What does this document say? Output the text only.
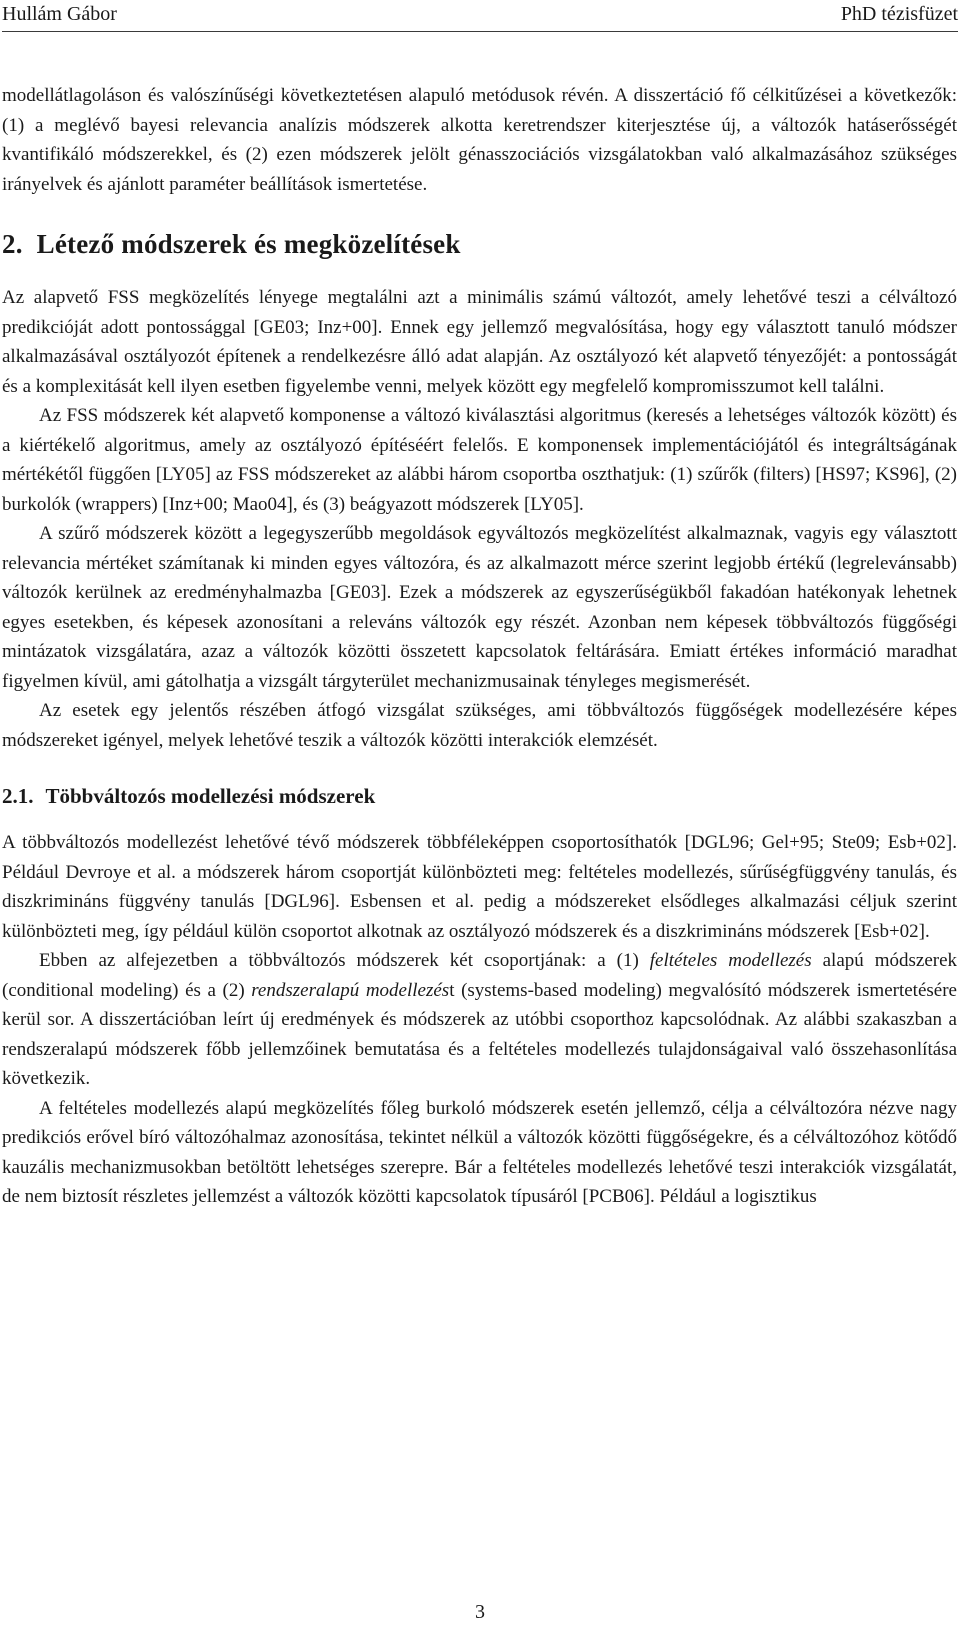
Hullám Gábor	PhD tézisfüzet

modellátlagoláson és valószínűségi következtetésen alapuló metódusok révén. A disszertáció fő célkitűzései a következők: (1) a meglévő bayesi relevancia analízis módszerek alkotta keretrendszer kiterjesztése új, a változók hatáserősségét kvantifikáló módszerekkel, és (2) ezen módszerek jelölt génasszociációs vizsgálatokban való alkalmazásához szükséges irányelvek és ajánlott paraméter beállítások ismertetése.

2. Létező módszerek és megközelítések

Az alapvető FSS megközelítés lényege megtalálni azt a minimális számú változót, amely lehetővé teszi a célváltozó predikcióját adott pontossággal [GE03; Inz+00]. Ennek egy jellemző megvalósítása, hogy egy választott tanuló módszer alkalmazásával osztályozót építenek a rendelkezésre álló adat alapján. Az osztályozó két alapvető tényezőjét: a pontosságát és a komplexitását kell ilyen esetben figyelembe venni, melyek között egy megfelelő kompromisszumot kell találni.

Az FSS módszerek két alapvető komponense a változó kiválasztási algoritmus (keresés a lehetséges változók között) és a kiértékelő algoritmus, amely az osztályozó építéséért felelős. E komponensek implementációjától és integráltságának mértékétől függően [LY05] az FSS módszereket az alábbi három csoportba oszthatjuk: (1) szűrők (filters) [HS97; KS96], (2) burkolók (wrappers) [Inz+00; Mao04], és (3) beágyazott módszerek [LY05].

A szűrő módszerek között a legegyszerűbb megoldások egyváltozós megközelítést alkalmaznak, vagyis egy választott relevancia mértéket számítanak ki minden egyes változóra, és az alkalmazott mérce szerint legjobb értékű (legrelevánsabb) változók kerülnek az eredményhalmazba [GE03]. Ezek a módszerek az egyszerűségükből fakadóan hatékonyak lehetnek egyes esetekben, és képesek azonosítani a releváns változók egy részét. Azonban nem képesek többváltozós függőségi mintázatok vizsgálatára, azaz a változók közötti összetett kapcsolatok feltárására. Emiatt értékes információ maradhat figyelmen kívül, ami gátolhatja a vizsgált tárgyterület mechanizmusainak tényleges megismerését.

Az esetek egy jelentős részében átfogó vizsgálat szükséges, ami többváltozós függőségek modellezésére képes módszereket igényel, melyek lehetővé teszik a változók közötti interakciók elemzését.

2.1. Többváltozós modellezési módszerek

A többváltozós modellezést lehetővé tévő módszerek többféleképpen csoportosíthatók [DGL96; Gel+95; Ste09; Esb+02]. Például Devroye et al. a módszerek három csoportját különbözteti meg: feltételes modellezés, sűrűségfüggvény tanulás, és diszkrimináns függvény tanulás [DGL96]. Esbensen et al. pedig a módszereket elsődleges alkalmazási céljuk szerint különbözteti meg, így például külön csoportot alkotnak az osztályozó módszerek és a diszkrimináns módszerek [Esb+02].

Ebben az alfejezetben a többváltozós módszerek két csoportjának: a (1) feltételes modellezés alapú módszerek (conditional modeling) és a (2) rendszeralapú modellezést (systems-based modeling) megvalósító módszerek ismertetésére kerül sor. A disszertációban leírt új eredmények és módszerek az utóbbi csoporthoz kapcsolódnak. Az alábbi szakaszban a rendszeralapú módszerek főbb jellemzőinek bemutatása és a feltételes modellezés tulajdonságaival való összehasonlítása következik.

A feltételes modellezés alapú megközelítés főleg burkoló módszerek esetén jellemző, célja a célváltozóra nézve nagy predikciós erővel bíró változóhalmaz azonosítása, tekintet nélkül a változók közötti függőségekre, és a célváltozóhoz kötődő kauzális mechanizmusokban betöltött lehetséges szerepre. Bár a feltételes modellezés lehetővé teszi interakciók vizsgálatát, de nem biztosít részletes jellemzést a változók közötti kapcsolatok típusáról [PCB06]. Például a logisztikus

3
